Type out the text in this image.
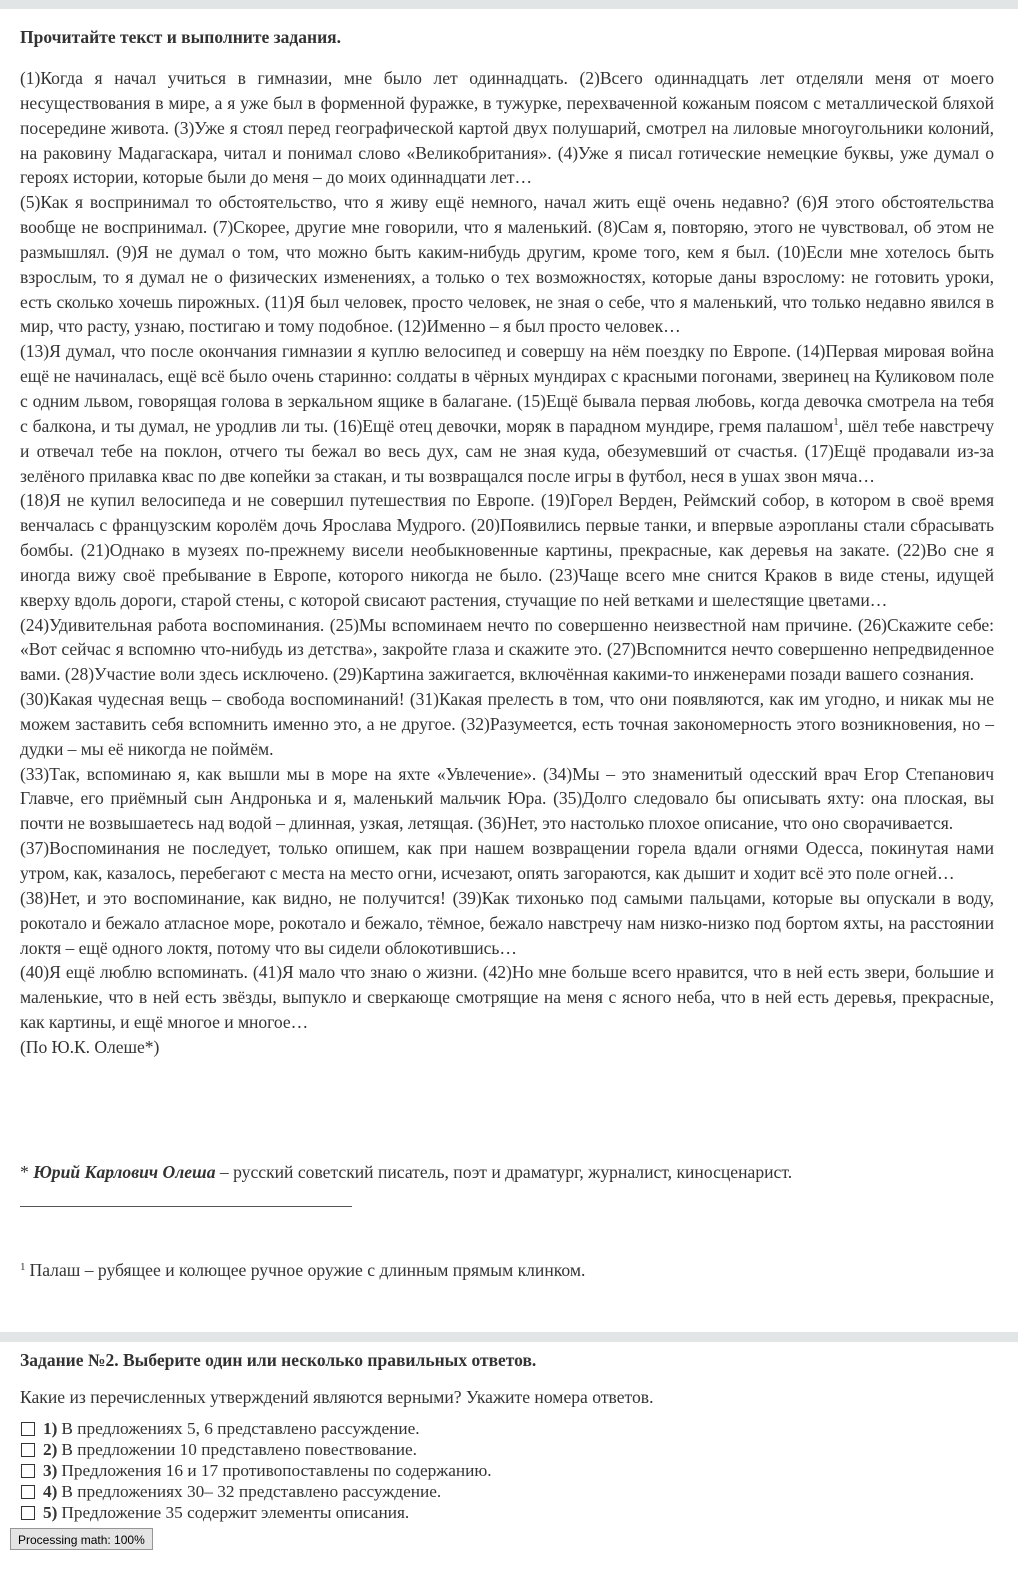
Прочитайте текст и выполните задания.

(1)Когда я начал учиться в гимназии, мне было лет одиннадцать. (2)Всего одиннадцать лет отделяли меня от моего несуществования в мире, а я уже был в форменной фуражке, в тужурке, перехваченной кожаным поясом с металлической бляхой посередине живота. (3)Уже я стоял перед географической картой двух полушарий, смотрел на лиловые многоугольники колоний, на раковину Мадагаскара, читал и понимал слово «Великобритания». (4)Уже я писал готические немецкие буквы, уже думал о героях истории, которые были до меня – до моих одиннадцати лет…

(5)Как я воспринимал то обстоятельство, что я живу ещё немного, начал жить ещё очень недавно? (6)Я этого обстоятельства вообще не воспринимал. (7)Скорее, другие мне говорили, что я маленький. (8)Сам я, повторяю, этого не чувствовал, об этом не размышлял. (9)Я не думал о том, что можно быть каким-нибудь другим, кроме того, кем я был. (10)Если мне хотелось быть взрослым, то я думал не о физических изменениях, а только о тех возможностях, которые даны взрослому: не готовить уроки, есть сколько хочешь пирожных. (11)Я был человек, просто человек, не зная о себе, что я маленький, что только недавно явился в мир, что расту, узнаю, постигаю и тому подобное. (12)Именно – я был просто человек…

(13)Я думал, что после окончания гимназии я куплю велосипед и совершу на нём поездку по Европе. (14)Первая мировая война ещё не начиналась, ещё всё было очень старинно: солдаты в чёрных мундирах с красными погонами, зверинец на Куликовом поле с одним львом, говорящая голова в зеркальном ящике в балагане. (15)Ещё бывала первая любовь, когда девочка смотрела на тебя с балкона, и ты думал, не уродлив ли ты. (16)Ещё отец девочки, моряк в парадном мундире, гремя палашом$^1$, шёл тебе навстречу и отвечал тебе на поклон, отчего ты бежал во весь дух, сам не зная куда, обезумевший от счастья. (17)Ещё продавали из-за зелёного прилавка квас по две копейки за стакан, и ты возвращался после игры в футбол, неся в ушах звон мяча…

(18)Я не купил велосипеда и не совершил путешествия по Европе. (19)Горел Верден, Реймский собор, в котором в своё время венчалась с французским королём дочь Ярослава Мудрого. (20)Появились первые танки, и впервые аэропланы стали сбрасывать бомбы. (21)Однако в музеях по-прежнему висели необыкновенные картины, прекрасные, как деревья на закате. (22)Во сне я иногда вижу своё пребывание в Европе, которого никогда не было. (23)Чаще всего мне снится Краков в виде стены, идущей кверху вдоль дороги, старой стены, с которой свисают растения, стучащие по ней ветками и шелестящие цветами…

(24)Удивительная работа воспоминания. (25)Мы вспоминаем нечто по совершенно неизвестной нам причине. (26)Скажите себе: «Вот сейчас я вспомню что-нибудь из детства», закройте глаза и скажите это. (27)Вспомнится нечто совершенно непредвиденное вами. (28)Участие воли здесь исключено. (29)Картина зажигается, включённая какими-то инженерами позади вашего сознания.

(30)Какая чудесная вещь – свобода воспоминаний! (31)Какая прелесть в том, что они появляются, как им угодно, и никак мы не можем заставить себя вспомнить именно это, а не другое. (32)Разумеется, есть точная закономерность этого возникновения, но – дудки – мы её никогда не поймём.

(33)Так, вспоминаю я, как вышли мы в море на яхте «Увлечение». (34)Мы – это знаменитый одесский врач Егор Степанович Главче, его приёмный сын Андронька и я, маленький мальчик Юра. (35)Долго следовало бы описывать яхту: она плоская, вы почти не возвышаетесь над водой – длинная, узкая, летящая. (36)Нет, это настолько плохое описание, что оно сворачивается.

(37)Воспоминания не последует, только опишем, как при нашем возвращении горела вдали огнями Одесса, покинутая нами утром, как, казалось, перебегают с места на место огни, исчезают, опять загораются, как дышит и ходит всё это поле огней…

(38)Нет, и это воспоминание, как видно, не получится! (39)Как тихонько под самыми пальцами, которые вы опускали в воду, рокотало и бежало атласное море, рокотало и бежало, тёмное, бежало навстречу нам низко-низко под бортом яхты, на расстоянии локтя – ещё одного локтя, потому что вы сидели облокотившись…

(40)Я ещё люблю вспоминать. (41)Я мало что знаю о жизни. (42)Но мне больше всего нравится, что в ней есть звери, большие и маленькие, что в ней есть звёзды, выпукло и сверкающе смотрящие на меня с ясного неба, что в ней есть деревья, прекрасные, как картины, и ещё многое и многое…

(По Ю.К. Олеше*)

* Юрий Карлович Олеша – русский советский писатель, поэт и драматург, журналист, киносценарист.
$^1$ Палаш – рубящее и колющее ручное оружие с длинным прямым клинком.
Задание №2. Выберите один или несколько правильных ответов.
Какие из перечисленных утверждений являются верными? Укажите номера ответов.
1) В предложениях 5, 6 представлено рассуждение.
2) В предложении 10 представлено повествование.
3) Предложения 16 и 17 противопоставлены по содержанию.
4) В предложениях 30– 32 представлено рассуждение.
5) Предложение 35 содержит элементы описания.
Processing math: 100%
